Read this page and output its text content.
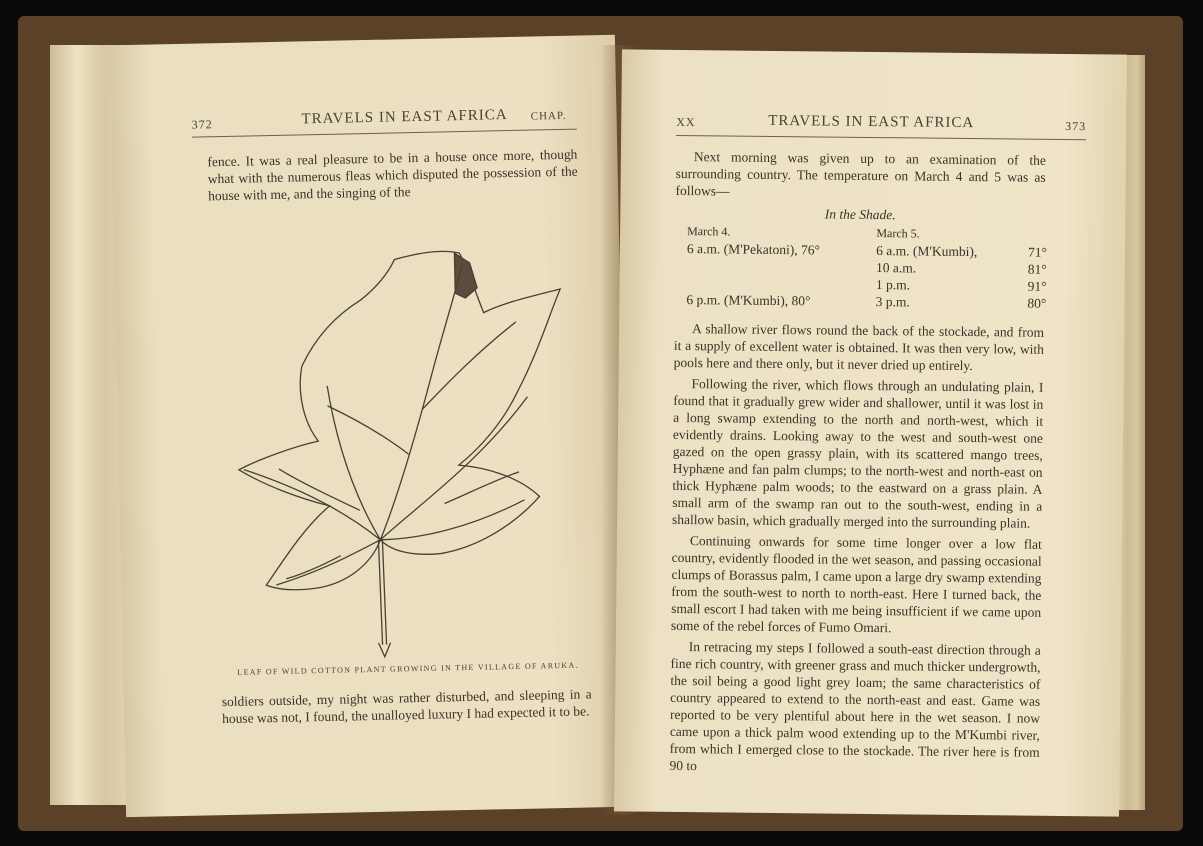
372	TRAVELS IN EAST AFRICA CHAP.

fence. It was a real pleasure to be in a house once more, though what with the numerous fleas which disputed the possession of the house with me, and the singing of the

LEAF OF WILD COTTON PLANT GROWING IN THE VILLAGE OF ARUKA.

soldiers outside, my night was rather disturbed, and sleeping in a house was not, I found, the unalloyed luxury I had expected it to be.

XX	TRAVELS IN EAST AFRICA	373

Next morning was given up to an examination of the surrounding country. The temperature on March 4 and 5 was as follows—

In the Shade.
March 4.	March 5.	
6 a.m. (M'Pekatoni), 76°	6 a.m. (M'Kumbi),	71°
	10 a.m.	81°
	1 p.m.	91°
6 p.m. (M'Kumbi), 80°	3 p.m.	80°

A shallow river flows round the back of the stockade, and from it a supply of excellent water is obtained. It was then very low, with pools here and there only, but it never dried up entirely.

Following the river, which flows through an undulating plain, I found that it gradually grew wider and shallower, until it was lost in a long swamp extending to the north and north-west, which it evidently drains. Looking away to the west and south-west one gazed on the open grassy plain, with its scattered mango trees, Hyphæne and fan palm clumps; to the north-west and north-east on thick Hyphæne palm woods; to the eastward on a grass plain. A small arm of the swamp ran out to the south-west, ending in a shallow basin, which gradually merged into the surrounding plain.

Continuing onwards for some time longer over a low flat country, evidently flooded in the wet season, and passing occasional clumps of Borassus palm, I came upon a large dry swamp extending from the south-west to north to north-east. Here I turned back, the small escort I had taken with me being insufficient if we came upon some of the rebel forces of Fumo Omari.

In retracing my steps I followed a south-east direction through a fine rich country, with greener grass and much thicker undergrowth, the soil being a good light grey loam; the same characteristics of country appeared to extend to the north-east and east. Game was reported to be very plentiful about here in the wet season. I now came upon a thick palm wood extending up to the M'Kumbi river, from which I emerged close to the stockade. The river here is from 90 to
